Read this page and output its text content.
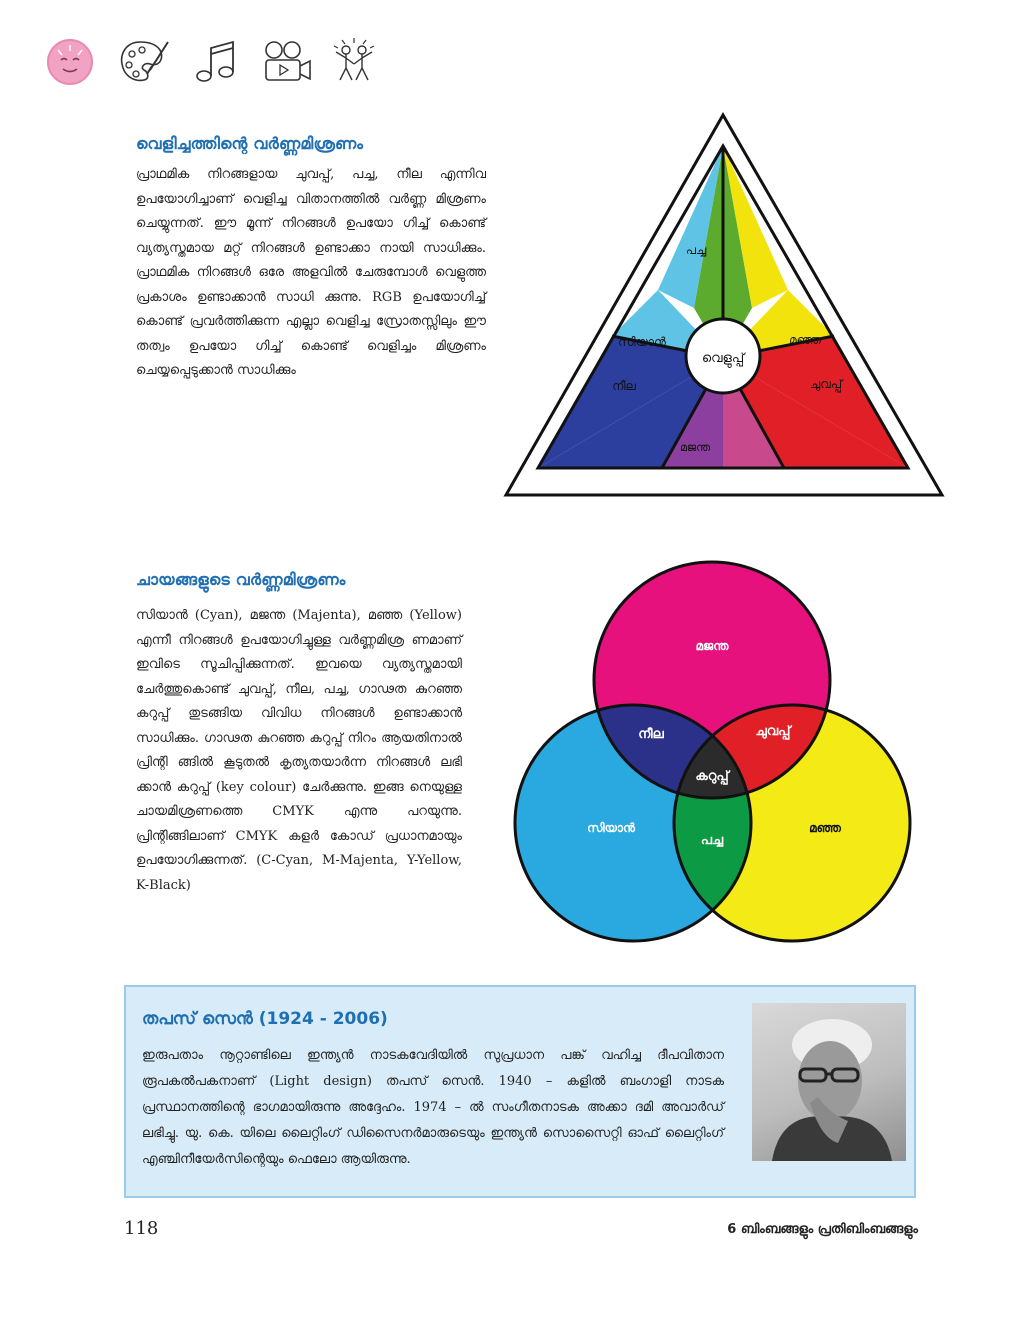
വെളിച്ചത്തിന്റെ വർണ്ണമിശ്രണം

പ്രാഥമിക നിറങ്ങളായ ചുവപ്പ്, പച്ച, നീല എന്നിവ ഉപയോഗിച്ചാണ് വെളിച്ച വിതാനത്തിൽ വർണ്ണ മിശ്രണം ചെയ്യുന്നത്. ഈ മൂന്ന് നിറങ്ങൾ ഉപയോ ഗിച്ച് കൊണ്ട് വ്യത്യസ്തമായ മറ്റ് നിറങ്ങൾ ഉണ്ടാക്കാ നായി സാധിക്കും. പ്രാഥമിക നിറങ്ങൾ ഒരേ അളവിൽ ചേരുമ്പോൾ വെളുത്ത പ്രകാശം ഉണ്ടാക്കാൻ സാധി ക്കുന്നു. RGB ഉപയോഗിച്ച് കൊണ്ട് പ്രവർത്തിക്കുന്ന എല്ലാ വെളിച്ച സ്രോതസ്സിലും ഈ തത്വം ഉപയോ ഗിച്ച് കൊണ്ട് വെളിച്ചം മിശ്രണം ചെയ്യപ്പെടുക്കാൻ സാധിക്കും

വെളുപ്പ്
പച്ച
സിയാൻ	മഞ്ഞ
നീല	ചുവപ്പ്
മജന്ത
ചായങ്ങളുടെ വർണ്ണമിശ്രണം

സിയാൻ (Cyan), മജന്ത (Majenta), മഞ്ഞ (Yellow) എന്നീ നിറങ്ങൾ ഉപയോഗിച്ചുള്ള വർണ്ണമിശ്ര ണമാണ് ഇവിടെ സൂചിപ്പിക്കുന്നത്. ഇവയെ വ്യത്യസ്തമായി ചേർത്തുകൊണ്ട് ചുവപ്പ്, നീല, പച്ച, ഗാഢത കുറഞ്ഞ കറുപ്പ് തുടങ്ങിയ വിവിധ നിറങ്ങൾ ഉണ്ടാക്കാൻ സാധിക്കും. ഗാഢത കുറഞ്ഞ കറുപ്പ് നിറം ആയതിനാൽ പ്രിന്റി ങ്ങിൽ കൂടുതൽ കൃത്യതയാർന്ന നിറങ്ങൾ ലഭി ക്കാൻ കറുപ്പ് (key colour) ചേർക്കുന്നു. ഇങ്ങ നെയുള്ള ചായമിശ്രണത്തെ CMYK എന്നു പറയുന്നു. പ്രിന്റിങ്ങിലാണ് CMYK കളർ കോഡ് പ്രധാനമായും ഉപയോഗിക്കുന്നത്. (C-Cyan, M-Majenta, Y-Yellow, K-Black)

മജന്ത
സിയാൻ	മഞ്ഞ
നീല	ചുവപ്പ്
കറുപ്പ്
പച്ച
തപസ് സെൻ (1924 - 2006)

ഇരുപതാം നൂറ്റാണ്ടിലെ ഇന്ത്യൻ നാടകവേദിയിൽ സുപ്രധാന പങ്ക് വഹിച്ച ദീപവിതാന രൂപകൽപകനാണ് (Light design) തപസ് സെൻ. 1940 – കളിൽ ബംഗാളി നാടക പ്രസ്ഥാനത്തിന്റെ ഭാഗമായിരുന്നു അദ്ദേഹം. 1974 – ൽ സംഗീതനാടക അക്കാ ദമി അവാർഡ് ലഭിച്ചു. യു. കെ. യിലെ ലൈറ്റിംഗ് ഡിസൈനർമാരുടെയും ഇന്ത്യൻ സൊസൈറ്റി ഓഫ് ലൈറ്റിംഗ് എഞ്ചിനീയേർസിന്റെയും ഫെലോ ആയിരുന്നു.

118	6 ബിംബങ്ങളും പ്രതിബിംബങ്ങളും
